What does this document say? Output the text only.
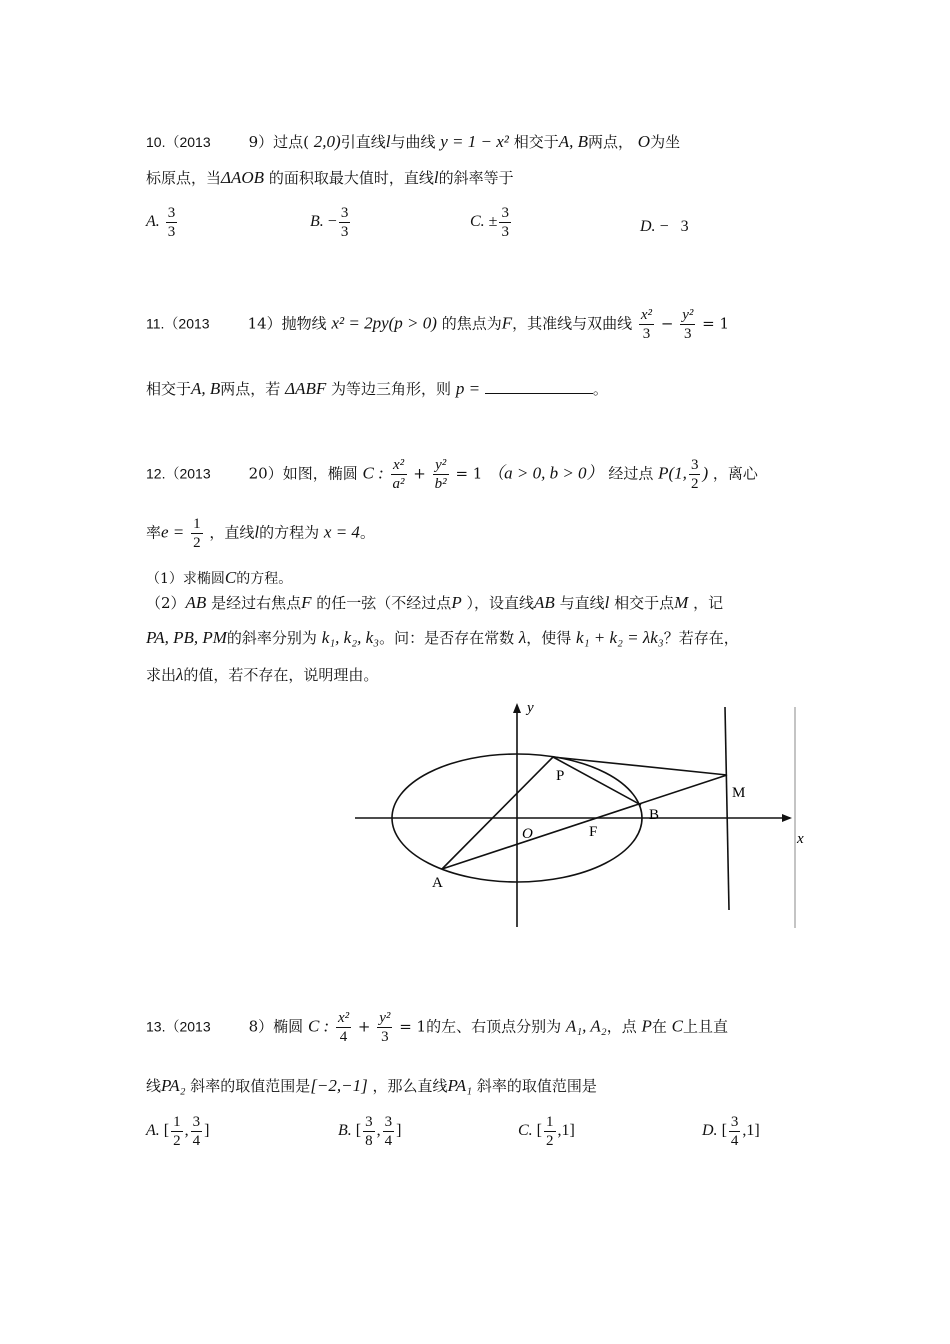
10.（2013	9）过点( 2,0)引直线l与曲线 y = 1 − x² 相交于A, B两点， O为坐
标原点，当ΔAOB 的面积取最大值时，直线l的斜率等于
A. $\frac{3}{3}$	B. − $\frac{3}{3}$	C. ± $\frac{3}{3}$	D. − 3
11.（2013	14）抛物线 x² = 2py(p > 0) 的焦点为F，其准线与双曲线 $\frac{\text{x²}}{3} - \frac{\text{y²}}{3} = 1$
相交于A, B两点，若 ΔABF 为等边三角形，则 p =	。
12.（2013	20）如图，椭圆 C : $\frac{\text{x²}}{\text{a²}} + \frac{\text{y²}}{\text{b²}} = 1$ （a > 0, b > 0） 经过点 P(1, $\frac{3}{2}$ ) ，离心
率$e = \frac{1}{2}$ ，直线l的方程为 x = 4。
（1）求椭圆C的方程。
（2）AB 是经过右焦点F 的任一弦（不经过点P ），设直线AB 与直线l 相交于点M ，记
PA, PB, PM的斜率分别为 k₁, k₂, k₃。问：是否存在常数 λ，使得 k₁ + k₂ = λk₃？若存在，
求出λ的值，若不存在，说明理由。
y
x
P
M
B
O	F
A
13.（2013	8）椭圆 C : $\frac{\text{x²}}{4} + \frac{\text{y²}}{3} = 1$的左、右顶点分别为 A₁, A₂，点 P在 C上且直
线PA₂ 斜率的取值范围是[−2,−1] ，那么直线PA₁ 斜率的取值范围是
A. [ $\frac{1}{2}$ , $\frac{3}{4}$ ]	B. [ $\frac{3}{8}$ , $\frac{3}{4}$ ]	C. [ $\frac{1}{2} ,1$]	D. [ $\frac{3}{4} ,1$]
